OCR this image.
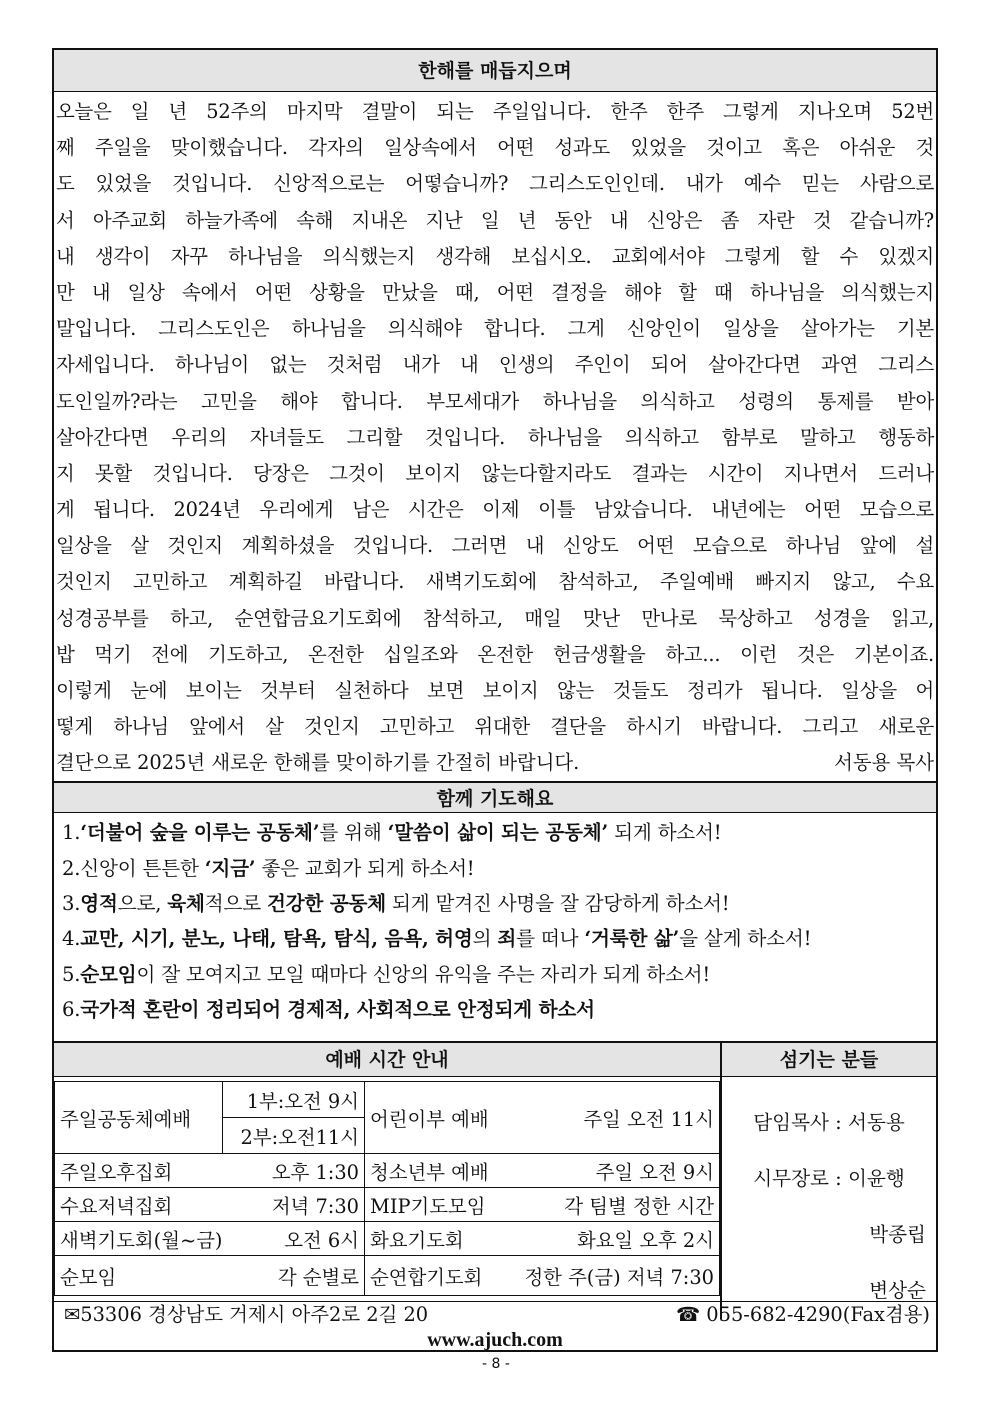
한해를 매듭지으며
오늘은 일 년 52주의 마지막 결말이 되는 주일입니다. 한주 한주 그렇게 지나오며 52번
째 주일을 맞이했습니다. 각자의 일상속에서 어떤 성과도 있었을 것이고 혹은 아쉬운 것
도 있었을 것입니다. 신앙적으로는 어떻습니까? 그리스도인인데. 내가 예수 믿는 사람으로
서 아주교회 하늘가족에 속해 지내온 지난 일 년 동안 내 신앙은 좀 자란 것 같습니까?
내 생각이 자꾸 하나님을 의식했는지 생각해 보십시오. 교회에서야 그렇게 할 수 있겠지
만 내 일상 속에서 어떤 상황을 만났을 때, 어떤 결정을 해야 할 때 하나님을 의식했는지
말입니다. 그리스도인은 하나님을 의식해야 합니다. 그게 신앙인이 일상을 살아가는 기본
자세입니다. 하나님이 없는 것처럼 내가 내 인생의 주인이 되어 살아간다면 과연 그리스
도인일까?라는 고민을 해야 합니다. 부모세대가 하나님을 의식하고 성령의 통제를 받아
살아간다면 우리의 자녀들도 그리할 것입니다. 하나님을 의식하고 함부로 말하고 행동하
지 못할 것입니다. 당장은 그것이 보이지 않는다할지라도 결과는 시간이 지나면서 드러나
게 됩니다. 2024년 우리에게 남은 시간은 이제 이틀 남았습니다. 내년에는 어떤 모습으로
일상을 살 것인지 계획하셨을 것입니다. 그러면 내 신앙도 어떤 모습으로 하나님 앞에 설
것인지 고민하고 계획하길 바랍니다. 새벽기도회에 참석하고, 주일예배 빠지지 않고, 수요
성경공부를 하고, 순연합금요기도회에 참석하고, 매일 맛난 만나로 묵상하고 성경을 읽고,
밥 먹기 전에 기도하고, 온전한 십일조와 온전한 헌금생활을 하고... 이런 것은 기본이죠.
이렇게 눈에 보이는 것부터 실천하다 보면 보이지 않는 것들도 정리가 됩니다. 일상을 어
떻게 하나님 앞에서 살 것인지 고민하고 위대한 결단을 하시기 바랍니다. 그리고 새로운
결단으로 2025년 새로운 한해를 맞이하기를 간절히 바랍니다.	서동용 목사
함께 기도해요
1.‘더불어 숲을 이루는 공동체’를 위해 ‘말씀이 삶이 되는 공동체’ 되게 하소서!
2.신앙이 튼튼한 ‘지금’ 좋은 교회가 되게 하소서!
3.영적으로, 육체적으로 건강한 공동체 되게 맡겨진 사명을 잘 감당하게 하소서!
4.교만, 시기, 분노, 나태, 탐욕, 탐식, 음욕, 허영의 죄를 떠나 ‘거룩한 삶’을 살게 하소서!
5.순모임이 잘 모여지고 모일 때마다 신앙의 유익을 주는 자리가 되게 하소서!
6.국가적 혼란이 정리되어 경제적, 사회적으로 안정되게 하소서
예배 시간 안내
주일공동체예배	1부:오전 9시	어린이부 예배 주일 오전 11시

	2부:오전11시	

주일오후집회 오후 1:30		청소년부 예배 주일 오전 9시

수요저녁집회 저녁 7:30		MIP기도모임 각 팀별 정한 시간

새벽기도회(월~금) 오전 6시		화요기도회 화요일 오후 2시

순모임 각 순별로		순연합기도회 정한 주(금) 저녁 7:30
섬기는 분들
담임목사 : 서동용
시무장로 : 이윤행
박종립
변상순
✉53306 경상남도 거제시 아주2로 2길 20	☎ 055-682-4290(Fax겸용)
www.ajuch.com
- 8 -
